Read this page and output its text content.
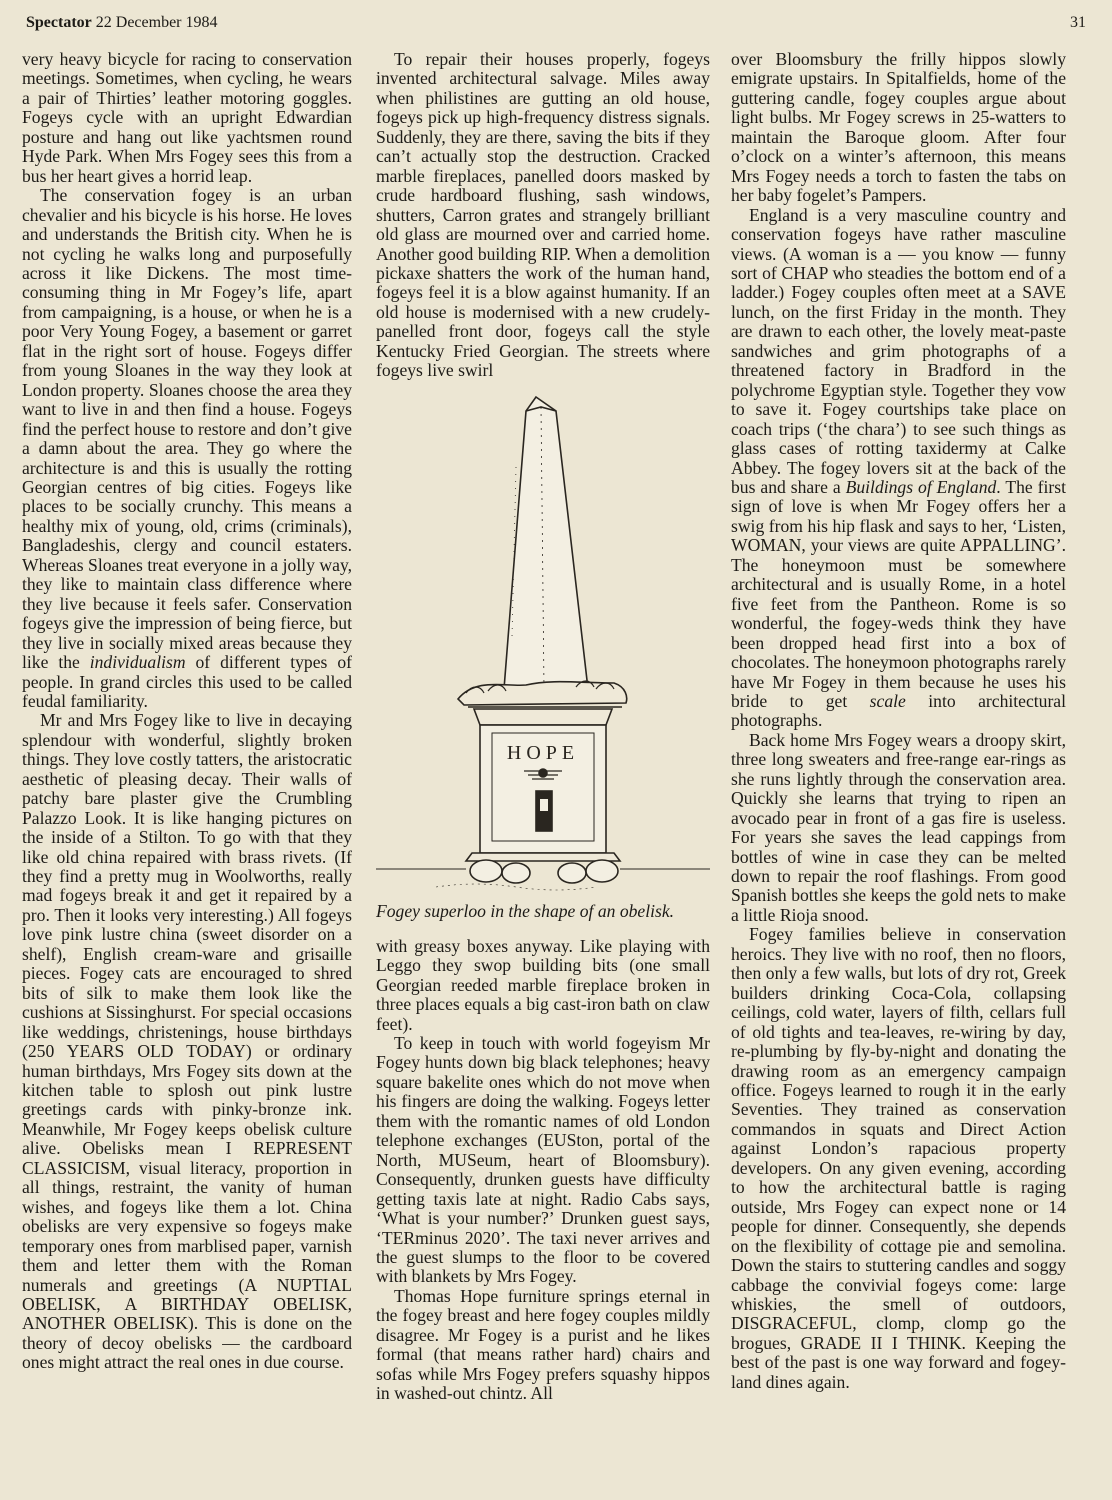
Spectator 22 December 1984	31

very heavy bicycle for racing to conservation meetings. Sometimes, when cycling, he wears a pair of Thirties’ leather motoring goggles. Fogeys cycle with an upright Edwardian posture and hang out like yachtsmen round Hyde Park. When Mrs Fogey sees this from a bus her heart gives a horrid leap.

The conservation fogey is an urban chevalier and his bicycle is his horse. He loves and understands the British city. When he is not cycling he walks long and purposefully across it like Dickens. The most time-consuming thing in Mr Fogey’s life, apart from campaigning, is a house, or when he is a poor Very Young Fogey, a basement or garret flat in the right sort of house. Fogeys differ from young Sloanes in the way they look at London property. Sloanes choose the area they want to live in and then find a house. Fogeys find the perfect house to restore and don’t give a damn about the area. They go where the architecture is and this is usually the rotting Georgian centres of big cities. Fogeys like places to be socially crunchy. This means a healthy mix of young, old, crims (criminals), Bangladeshis, clergy and council estaters. Whereas Sloanes treat everyone in a jolly way, they like to maintain class difference where they live because it feels safer. Conservation fogeys give the impression of being fierce, but they live in socially mixed areas because they like the individualism of different types of people. In grand circles this used to be called feudal familiarity.

Mr and Mrs Fogey like to live in decaying splendour with wonderful, slightly broken things. They love costly tatters, the aristocratic aesthetic of pleasing decay. Their walls of patchy bare plaster give the Crumbling Palazzo Look. It is like hanging pictures on the inside of a Stilton. To go with that they like old china repaired with brass rivets. (If they find a pretty mug in Woolworths, really mad fogeys break it and get it repaired by a pro. Then it looks very interesting.) All fogeys love pink lustre china (sweet disorder on a shelf), English cream-ware and grisaille pieces. Fogey cats are encouraged to shred bits of silk to make them look like the cushions at Sissinghurst. For special occasions like weddings, christenings, house birthdays (250 YEARS OLD TODAY) or ordinary human birthdays, Mrs Fogey sits down at the kitchen table to splosh out pink lustre greetings cards with pinky-bronze ink. Meanwhile, Mr Fogey keeps obelisk culture alive. Obelisks mean I REPRESENT CLASSICISM, visual literacy, proportion in all things, restraint, the vanity of human wishes, and fogeys like them a lot. China obelisks are very expensive so fogeys make temporary ones from marblised paper, varnish them and letter them with the Roman numerals and greetings (A NUPTIAL OBELISK, A BIRTHDAY OBELISK, ANOTHER OBELISK). This is done on the theory of decoy obelisks — the cardboard ones might attract the real ones in due course.

To repair their houses properly, fogeys invented architectural salvage. Miles away when philistines are gutting an old house, fogeys pick up high-frequency distress signals. Suddenly, they are there, saving the bits if they can’t actually stop the destruction. Cracked marble fireplaces, panelled doors masked by crude hardboard flushing, sash windows, shutters, Carron grates and strangely brilliant old glass are mourned over and carried home. Another good building RIP. When a demolition pickaxe shatters the work of the human hand, fogeys feel it is a blow against humanity. If an old house is modernised with a new crudely-panelled front door, fogeys call the style Kentucky Fried Georgian. The streets where fogeys live swirl

HOPE
Fogey superloo in the shape of an obelisk.

with greasy boxes anyway. Like playing with Leggo they swop building bits (one small Georgian reeded marble fireplace broken in three places equals a big cast-iron bath on claw feet).

To keep in touch with world fogeyism Mr Fogey hunts down big black telephones; heavy square bakelite ones which do not move when his fingers are doing the walking. Fogeys letter them with the romantic names of old London telephone exchanges (EUSton, portal of the North, MUSeum, heart of Bloomsbury). Consequently, drunken guests have difficulty getting taxis late at night. Radio Cabs says, ‘What is your number?’ Drunken guest says, ‘TERminus 2020’. The taxi never arrives and the guest slumps to the floor to be covered with blankets by Mrs Fogey.

Thomas Hope furniture springs eternal in the fogey breast and here fogey couples mildly disagree. Mr Fogey is a purist and he likes formal (that means rather hard) chairs and sofas while Mrs Fogey prefers squashy hippos in washed-out chintz. All

over Bloomsbury the frilly hippos slowly emigrate upstairs. In Spitalfields, home of the guttering candle, fogey couples argue about light bulbs. Mr Fogey screws in 25-watters to maintain the Baroque gloom. After four o’clock on a winter’s afternoon, this means Mrs Fogey needs a torch to fasten the tabs on her baby fogelet’s Pampers.

England is a very masculine country and conservation fogeys have rather masculine views. (A woman is a — you know — funny sort of CHAP who steadies the bottom end of a ladder.) Fogey couples often meet at a SAVE lunch, on the first Friday in the month. They are drawn to each other, the lovely meat-paste sandwiches and grim photographs of a threatened factory in Bradford in the polychrome Egyptian style. Together they vow to save it. Fogey courtships take place on coach trips (‘the chara’) to see such things as glass cases of rotting taxidermy at Calke Abbey. The fogey lovers sit at the back of the bus and share a Buildings of England. The first sign of love is when Mr Fogey offers her a swig from his hip flask and says to her, ‘Listen, WOMAN, your views are quite APPALLING’. The honeymoon must be somewhere architectural and is usually Rome, in a hotel five feet from the Pantheon. Rome is so wonderful, the fogey-weds think they have been dropped head first into a box of chocolates. The honeymoon photographs rarely have Mr Fogey in them because he uses his bride to get scale into architectural photographs.

Back home Mrs Fogey wears a droopy skirt, three long sweaters and free-range ear-rings as she runs lightly through the conservation area. Quickly she learns that trying to ripen an avocado pear in front of a gas fire is useless. For years she saves the lead cappings from bottles of wine in case they can be melted down to repair the roof flashings. From good Spanish bottles she keeps the gold nets to make a little Rioja snood.

Fogey families believe in conservation heroics. They live with no roof, then no floors, then only a few walls, but lots of dry rot, Greek builders drinking Coca-Cola, collapsing ceilings, cold water, layers of filth, cellars full of old tights and tea-leaves, re-wiring by day, re-plumbing by fly-by-night and donating the drawing room as an emergency campaign office. Fogeys learned to rough it in the early Seventies. They trained as conservation commandos in squats and Direct Action against London’s rapacious property developers. On any given evening, according to how the architectural battle is raging outside, Mrs Fogey can expect none or 14 people for dinner. Consequently, she depends on the flexibility of cottage pie and semolina. Down the stairs to stuttering candles and soggy cabbage the convivial fogeys come: large whiskies, the smell of outdoors, DISGRACEFUL, clomp, clomp go the brogues, GRADE II I THINK. Keeping the best of the past is one way forward and fogey-land dines again.
